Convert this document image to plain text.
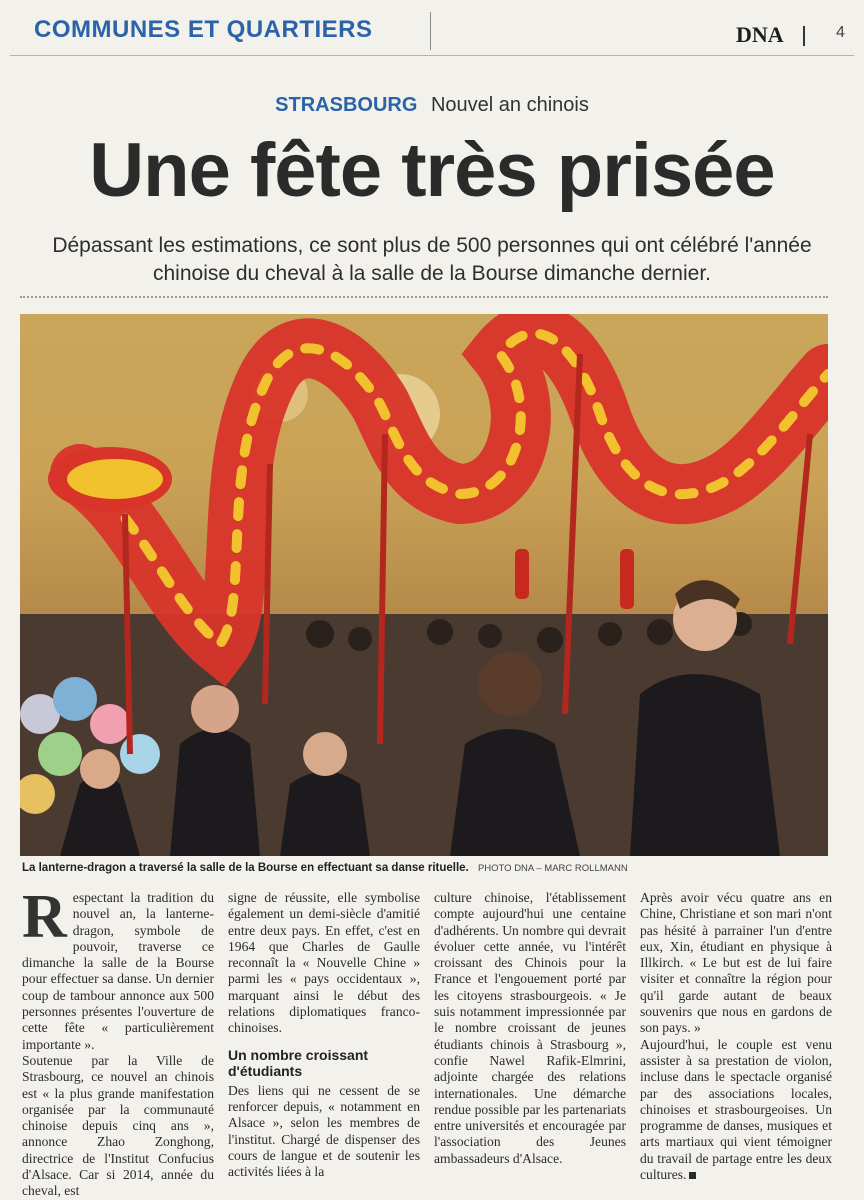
COMMUNES ET QUARTIERS	DNA	4
STRASBOURG Nouvel an chinois
Une fête très prisée
Dépassant les estimations, ce sont plus de 500 personnes qui ont célébré l'année chinoise du cheval à la salle de la Bourse dimanche dernier.
La lanterne-dragon a traversé la salle de la Bourse en effectuant sa danse rituelle. PHOTO DNA – MARC ROLLMANN

Respectant la tradition du nouvel an, la lanterne-dragon, symbole de pouvoir, traverse ce dimanche la salle de la Bourse pour effectuer sa danse. Un dernier coup de tambour annonce aux 500 personnes présentes l'ouverture de cette fête « particulièrement importante ».

Soutenue par la Ville de Strasbourg, ce nouvel an chinois est « la plus grande manifestation organisée par la communauté chinoise depuis cinq ans », annonce Zhao Zonghong, directrice de l'Institut Confucius d'Alsace. Car si 2014, année du cheval, est

signe de réussite, elle symbolise également un demi-siècle d'amitié entre deux pays. En effet, c'est en 1964 que Charles de Gaulle reconnaît la « Nouvelle Chine » parmi les « pays occidentaux », marquant ainsi le début des relations diplomatiques franco-chinoises.

Un nombre croissant d'étudiants

Des liens qui ne cessent de se renforcer depuis, « notamment en Alsace », selon les membres de l'institut. Chargé de dispenser des cours de langue et de soutenir les activités liées à la

culture chinoise, l'établissement compte aujourd'hui une centaine d'adhérents. Un nombre qui devrait évoluer cette année, vu l'intérêt croissant des Chinois pour la France et l'engouement porté par les citoyens strasbourgeois. « Je suis notamment impressionnée par le nombre croissant de jeunes étudiants chinois à Strasbourg », confie Nawel Rafik-Elmrini, adjointe chargée des relations internationales. Une démarche rendue possible par les partenariats entre universités et encouragée par l'association des Jeunes ambassadeurs d'Alsace.

Après avoir vécu quatre ans en Chine, Christiane et son mari n'ont pas hésité à parrainer l'un d'entre eux, Xin, étudiant en physique à Illkirch. « Le but est de lui faire visiter et connaître la région pour qu'il garde autant de beaux souvenirs que nous en gardons de son pays. »

Aujourd'hui, le couple est venu assister à sa prestation de violon, incluse dans le spectacle organisé par des associations locales, chinoises et strasbourgeoises. Un programme de danses, musiques et arts martiaux qui vient témoigner du travail de partage entre les deux cultures.
